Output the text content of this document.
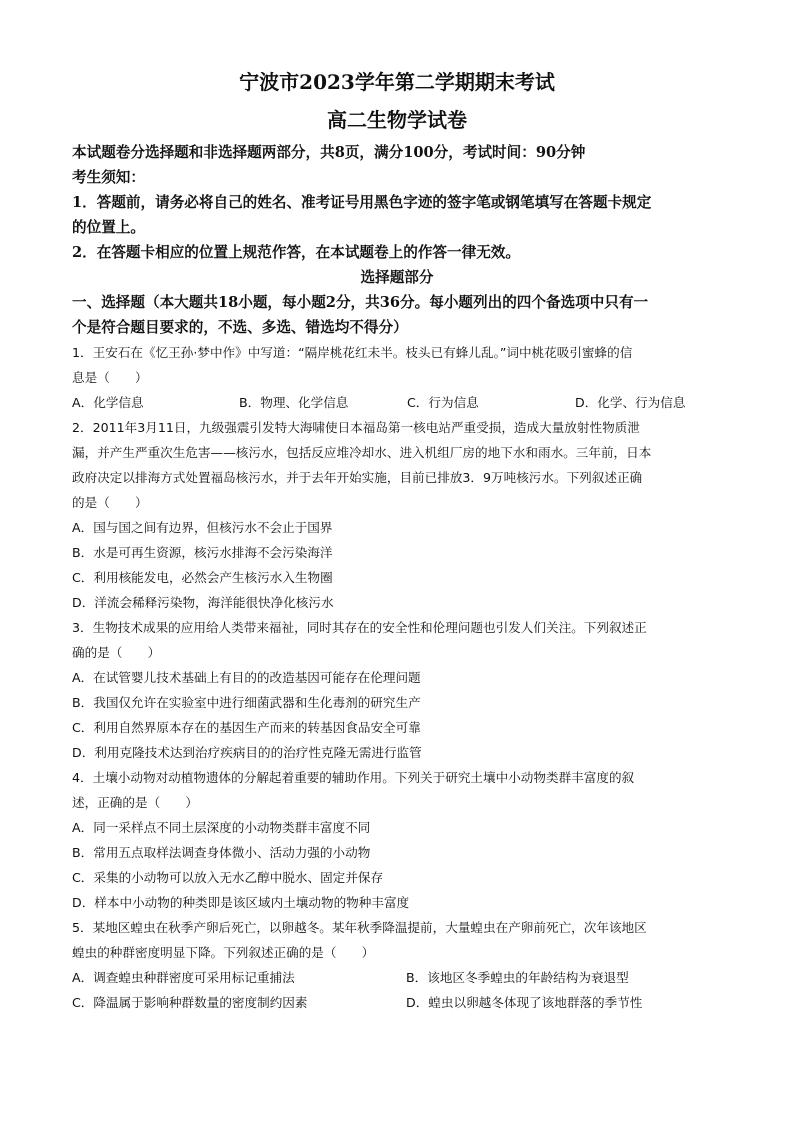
宁波市2023学年第二学期期末考试
高二生物学试卷
本试题卷分选择题和非选择题两部分，共8页，满分100分，考试时间：90分钟
考生须知：
1．答题前，请务必将自己的姓名、准考证号用黑色字迹的签字笔或钢笔填写在答题卡规定
的位置上。
2．在答题卡相应的位置上规范作答，在本试题卷上的作答一律无效。
选择题部分
一、选择题（本大题共18小题，每小题2分，共36分。每小题列出的四个备选项中只有一
个是符合题目要求的，不选、多选、错选均不得分）
1．王安石在《忆王孙·梦中作》中写道：“隔岸桃花红未半。枝头已有蜂儿乱。”词中桃花吸引蜜蜂的信
息是（　　）
A．化学信息	B．物理、化学信息	C．行为信息	D．化学、行为信息
2．2011年3月11日，九级强震引发特大海啸使日本福岛第一核电站严重受损，造成大量放射性物质泄
漏，并产生严重次生危害——核污水，包括反应堆冷却水、进入机组厂房的地下水和雨水。三年前，日本
政府决定以排海方式处置福岛核污水，并于去年开始实施，目前已排放3．9万吨核污水。下列叙述正确
的是（　　）
A．国与国之间有边界，但核污水不会止于国界
B．水是可再生资源，核污水排海不会污染海洋
C．利用核能发电，必然会产生核污水入生物圈
D．洋流会稀释污染物，海洋能很快净化核污水
3．生物技术成果的应用给人类带来福祉，同时其存在的安全性和伦理问题也引发人们关注。下列叙述正
确的是（　　）
A．在试管婴儿技术基础上有目的的改造基因可能存在伦理问题
B．我国仅允许在实验室中进行细菌武器和生化毒剂的研究生产
C．利用自然界原本存在的基因生产而来的转基因食品安全可靠
D．利用克隆技术达到治疗疾病目的的治疗性克隆无需进行监管
4．土壤小动物对动植物遗体的分解起着重要的辅助作用。下列关于研究土壤中小动物类群丰富度的叙
述，正确的是（　　）
A．同一采样点不同土层深度的小动物类群丰富度不同
B．常用五点取样法调查身体微小、活动力强的小动物
C．采集的小动物可以放入无水乙醇中脱水、固定并保存
D．样本中小动物的种类即是该区域内土壤动物的物种丰富度
5．某地区蝗虫在秋季产卵后死亡，以卵越冬。某年秋季降温提前，大量蝗虫在产卵前死亡，次年该地区
蝗虫的种群密度明显下降。下列叙述正确的是（　　）
A．调查蝗虫种群密度可采用标记重捕法	B．该地区冬季蝗虫的年龄结构为衰退型
C．降温属于影响种群数量的密度制约因素	D．蝗虫以卵越冬体现了该地群落的季节性
